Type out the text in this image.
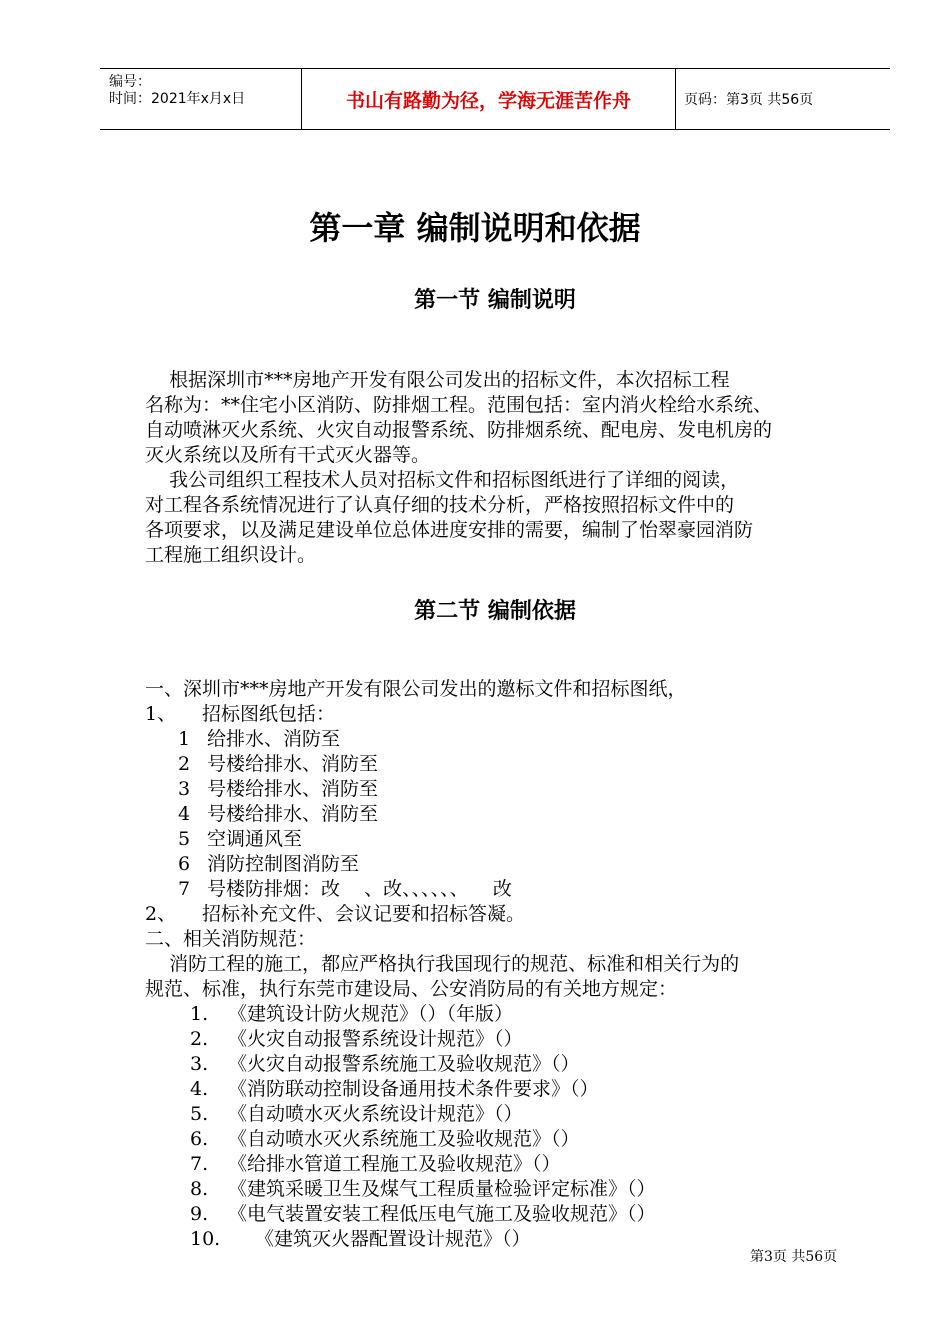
编号：
时间：2021年x月x日	书山有路勤为径，学海无涯苦作舟	页码：第3页 共56页
第一章 编制说明和依据
第一节 编制说明
根据深圳市***房地产开发有限公司发出的招标文件，本次招标工程
名称为：**住宅小区消防、防排烟工程。范围包括：室内消火栓给水系统、
自动喷淋灭火系统、火灾自动报警系统、防排烟系统、配电房、发电机房的
灭火系统以及所有干式灭火器等。
我公司组织工程技术人员对招标文件和招标图纸进行了详细的阅读，
对工程各系统情况进行了认真仔细的技术分析，严格按照招标文件中的
各项要求，以及满足建设单位总体进度安排的需要，编制了怡翠豪园消防
工程施工组织设计。
第二节 编制依据
一、深圳市***房地产开发有限公司发出的邀标文件和招标图纸，
1、 招标图纸包括：
1 给排水、消防至
2 号楼给排水、消防至
3 号楼给排水、消防至
4 号楼给排水、消防至
5 空调通风至
6 消防控制图消防至
7 号楼防排烟：改    、改、、、、、、    改
2、 招标补充文件、会议记要和招标答凝。
二、相关消防规范：
消防工程的施工，都应严格执行我国现行的规范、标准和相关行为的
规范、标准，执行东莞市建设局、公安消防局的有关地方规定：
1. 《建筑设计防火规范》（）（年版）
2. 《火灾自动报警系统设计规范》（）
3. 《火灾自动报警系统施工及验收规范》（）
4. 《消防联动控制设备通用技术条件要求》（）
5. 《自动喷水灭火系统设计规范》（）
6. 《自动喷水灭火系统施工及验收规范》（）
7. 《给排水管道工程施工及验收规范》（）
8. 《建筑采暖卫生及煤气工程质量检验评定标准》（）
9. 《电气装置安装工程低压电气施工及验收规范》（）
10. 《建筑灭火器配置设计规范》（）
第3页 共56页
